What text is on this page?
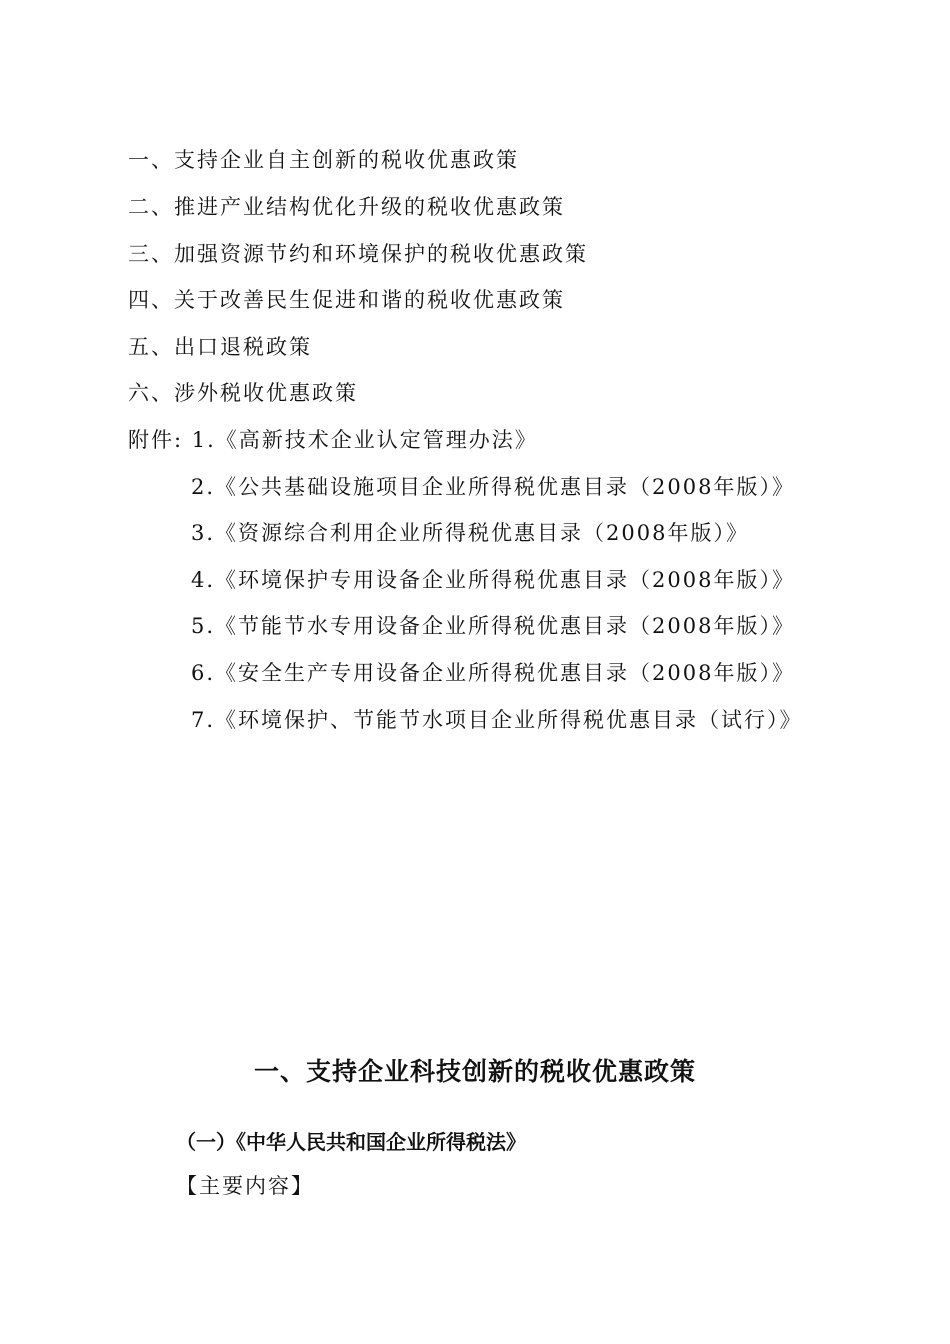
一、支持企业自主创新的税收优惠政策
二、推进产业结构优化升级的税收优惠政策
三、加强资源节约和环境保护的税收优惠政策
四、关于改善民生促进和谐的税收优惠政策
五、出口退税政策
六、涉外税收优惠政策
附件: 1.《高新技术企业认定管理办法》
2.《公共基础设施项目企业所得税优惠目录（2008年版）》
3.《资源综合利用企业所得税优惠目录（2008年版）》
4.《环境保护专用设备企业所得税优惠目录（2008年版）》
5.《节能节水专用设备企业所得税优惠目录（2008年版）》
6.《安全生产专用设备企业所得税优惠目录（2008年版）》
7.《环境保护、节能节水项目企业所得税优惠目录（试行）》
一、支持企业科技创新的税收优惠政策
（一）《中华人民共和国企业所得税法》
【主要内容】
